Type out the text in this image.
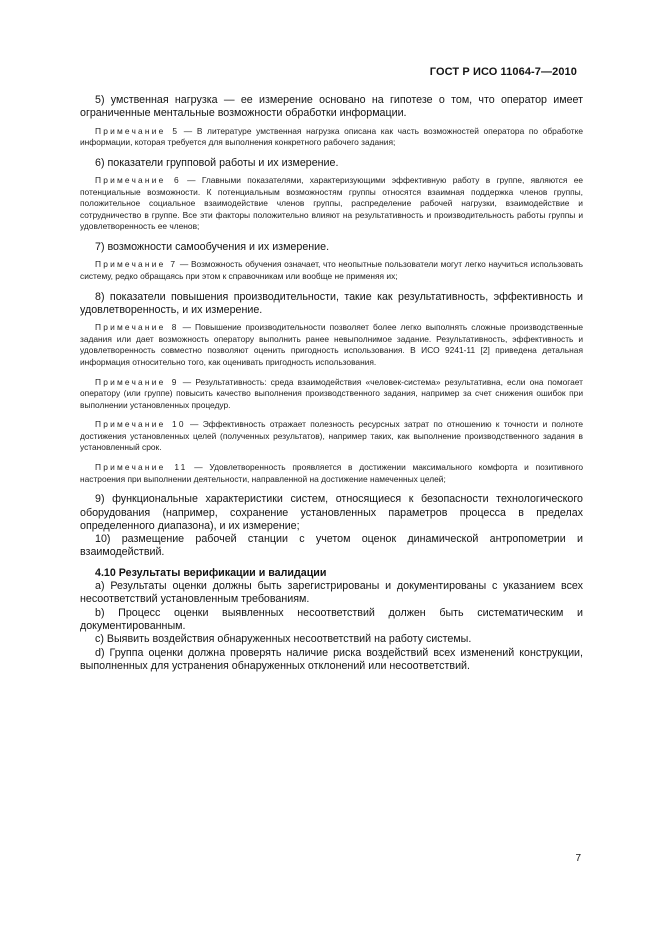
ГОСТ Р ИСО 11064-7—2010

5) умственная нагрузка — ее измерение основано на гипотезе о том, что оператор имеет ограниченные ментальные возможности обработки информации.

Примечание 5 — В литературе умственная нагрузка описана как часть возможностей оператора по обработке информации, которая требуется для выполнения конкретного рабочего задания;

6) показатели групповой работы и их измерение.

Примечание 6 — Главными показателями, характеризующими эффективную работу в группе, являются ее потенциальные возможности. К потенциальным возможностям группы относятся взаимная поддержка членов группы, положительное социальное взаимодействие членов группы, распределение рабочей нагрузки, взаимодействие и сотрудничество в группе. Все эти факторы положительно влияют на результативность и производительность работы группы и удовлетворенность ее членов;

7) возможности самообучения и их измерение.

Примечание 7 — Возможность обучения означает, что неопытные пользователи могут легко научиться использовать систему, редко обращаясь при этом к справочникам или вообще не применяя их;

8) показатели повышения производительности, такие как результативность, эффективность и удовлетворенность, и их измерение.

Примечание 8 — Повышение производительности позволяет более легко выполнять сложные производственные задания или дает возможность оператору выполнить ранее невыполнимое задание. Результативность, эффективность и удовлетворенность совместно позволяют оценить пригодность использования. В ИСО 9241-11 [2] приведена детальная информация относительно того, как оценивать пригодность использования.

Примечание 9 — Результативность: среда взаимодействия «человек-система» результативна, если она помогает оператору (или группе) повысить качество выполнения производственного задания, например за счет снижения ошибок при выполнении установленных процедур.

Примечание 10 — Эффективность отражает полезность ресурсных затрат по отношению к точности и полноте достижения установленных целей (полученных результатов), например таких, как выполнение производственного задания в установленный срок.

Примечание 11 — Удовлетворенность проявляется в достижении максимального комфорта и позитивного настроения при выполнении деятельности, направленной на достижение намеченных целей;

9) функциональные характеристики систем, относящиеся к безопасности технологического оборудования (например, сохранение установленных параметров процесса в пределах определенного диапазона), и их измерение;

10) размещение рабочей станции с учетом оценок динамической антропометрии и взаимодействий.

4.10 Результаты верификации и валидации

a) Результаты оценки должны быть зарегистрированы и документированы с указанием всех несоответствий установленным требованиям.

b) Процесс оценки выявленных несоответствий должен быть систематическим и документированным.

c) Выявить воздействия обнаруженных несоответствий на работу системы.

d) Группа оценки должна проверять наличие риска воздействий всех изменений конструкции, выполненных для устранения обнаруженных отклонений или несоответствий.

7
